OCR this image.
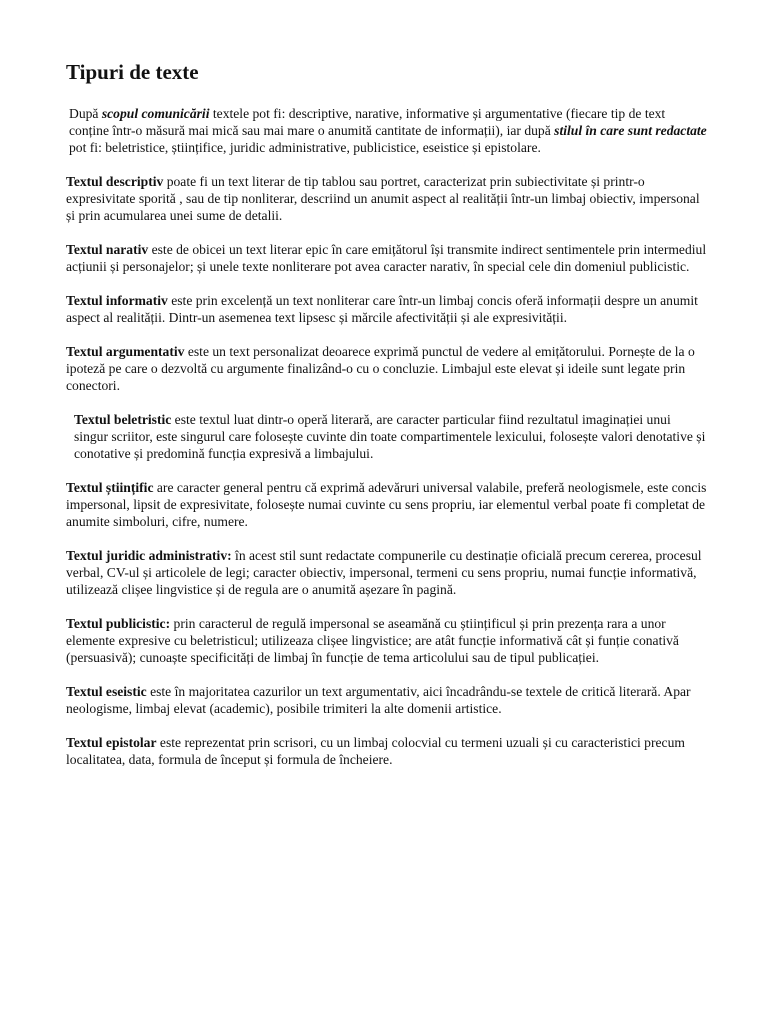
Tipuri de texte

După scopul comunicării textele pot fi: descriptive, narative, informative și argumentative (fiecare tip de text conține într-o măsură mai mică sau mai mare o anumită cantitate de informații), iar după stilul în care sunt redactate pot fi: beletristice, științifice, juridic administrative, publicistice, eseistice și epistolare.

Textul descriptiv poate fi un text literar de tip tablou sau portret, caracterizat prin subiectivitate și printr-o expresivitate sporită , sau de tip nonliterar, descriind un anumit aspect al realității într-un limbaj obiectiv, impersonal și prin acumularea unei sume de detalii.

Textul narativ este de obicei un text literar epic în care emițătorul își transmite indirect sentimentele prin intermediul acțiunii și personajelor; și unele texte nonliterare pot avea caracter narativ, în special cele din domeniul publicistic.

Textul informativ este prin excelență un text nonliterar care într-un limbaj concis oferă informații despre un anumit aspect al realității. Dintr-un asemenea text lipsesc și mărcile afectivității și ale expresivității.

Textul argumentativ este un text personalizat deoarece exprimă punctul de vedere al emițătorului. Pornește de la o ipoteză pe care o dezvoltă cu argumente finalizând-o cu o concluzie. Limbajul este elevat și ideile sunt legate prin conectori.

Textul beletristic este textul luat dintr-o operă literară, are caracter particular fiind rezultatul imaginației unui singur scriitor, este singurul care folosește cuvinte din toate compartimentele lexicului, folosește valori denotative și conotative și predomină funcția expresivă a limbajului.

Textul științific are caracter general pentru că exprimă adevăruri universal valabile, preferă neologismele, este concis impersonal, lipsit de expresivitate, folosește numai cuvinte cu sens propriu, iar elementul verbal poate fi completat de anumite simboluri, cifre, numere.

Textul juridic administrativ: în acest stil sunt redactate compunerile cu destinație oficială precum cererea, procesul verbal, CV-ul și articolele de legi; caracter obiectiv, impersonal, termeni cu sens propriu, numai funcție informativă, utilizează clișee lingvistice și de regula are o anumită așezare în pagină.

Textul publicistic: prin caracterul de regulă impersonal se aseamănă cu științificul și prin prezența rara a unor elemente expresive cu beletristicul; utilizeaza clișee lingvistice; are atât funcție informativă cât și funție conativă (persuasivă); cunoaște specificități de limbaj în funcție de tema articolului sau de tipul publicației.

Textul eseistic este în majoritatea cazurilor un text argumentativ, aici încadrându-se textele de critică literară. Apar neologisme, limbaj elevat (academic), posibile trimiteri la alte domenii artistice.

Textul epistolar este reprezentat prin scrisori, cu un limbaj colocvial cu termeni uzuali și cu caracteristici precum localitatea, data, formula de început și formula de încheiere.
